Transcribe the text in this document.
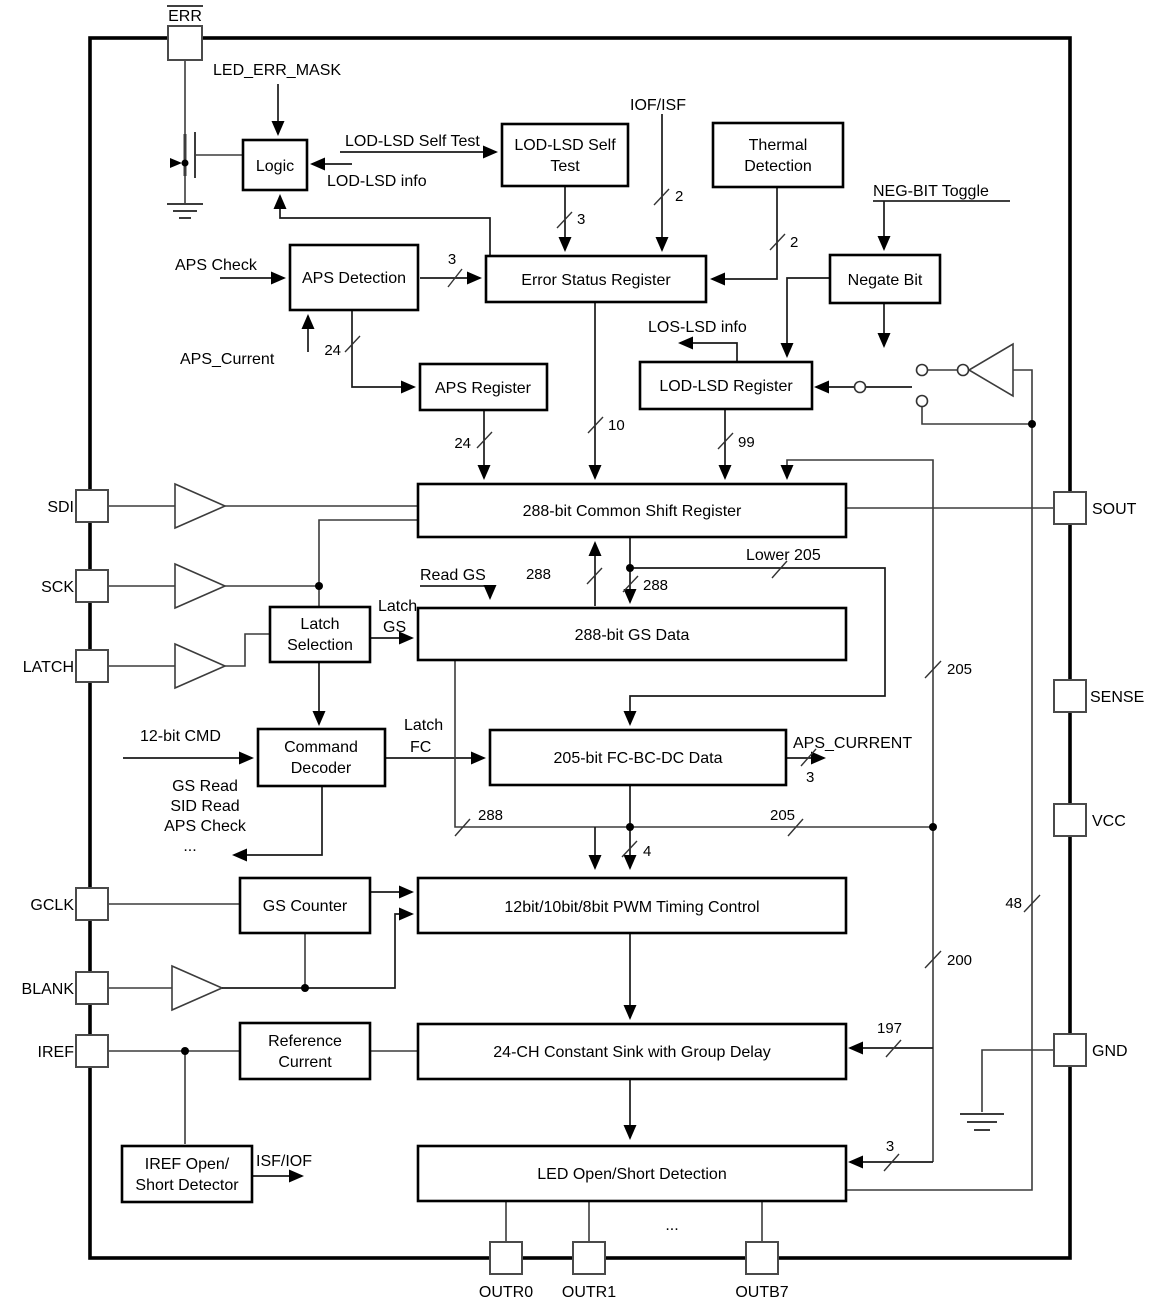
ERR
SDI
SCK
LATCH
GCLK
BLANK
IREF
SOUT
SENSE
VCC
GND
OUTR0 OUTR1	OUTB7
Logic
LOD-LSD Self
Test
Thermal
Detection
Negate Bit
Error Status Register
APS Detection
APS Register	LOD-LSD Register
288-bit Common Shift Register
288-bit GS Data
Latch
Selection
Command
Decoder
205-bit FC-BC-DC Data
GS Counter	12bit/10bit/8bit PWM Timing Control
Reference
Current
24-CH Constant Sink with Group Delay
LED Open/Short Detection
IREF Open/
Short Detector
LED_ERR_MASK
LOD-LSD Self Test
LOD-LSD info
IOF/ISF
NEG-BIT Toggle
APS Check
APS_Current
LOS-LSD info
Read GS
Latch
GS
Lower 205
12-bit CMD
GS Read
SID Read
APS Check
...
Latch
FC	APS_CURRENT
ISF/IOF
...
3
2
2
3
24
24
10
99
288
288
205
288
4
205
3
200
197
48
3
